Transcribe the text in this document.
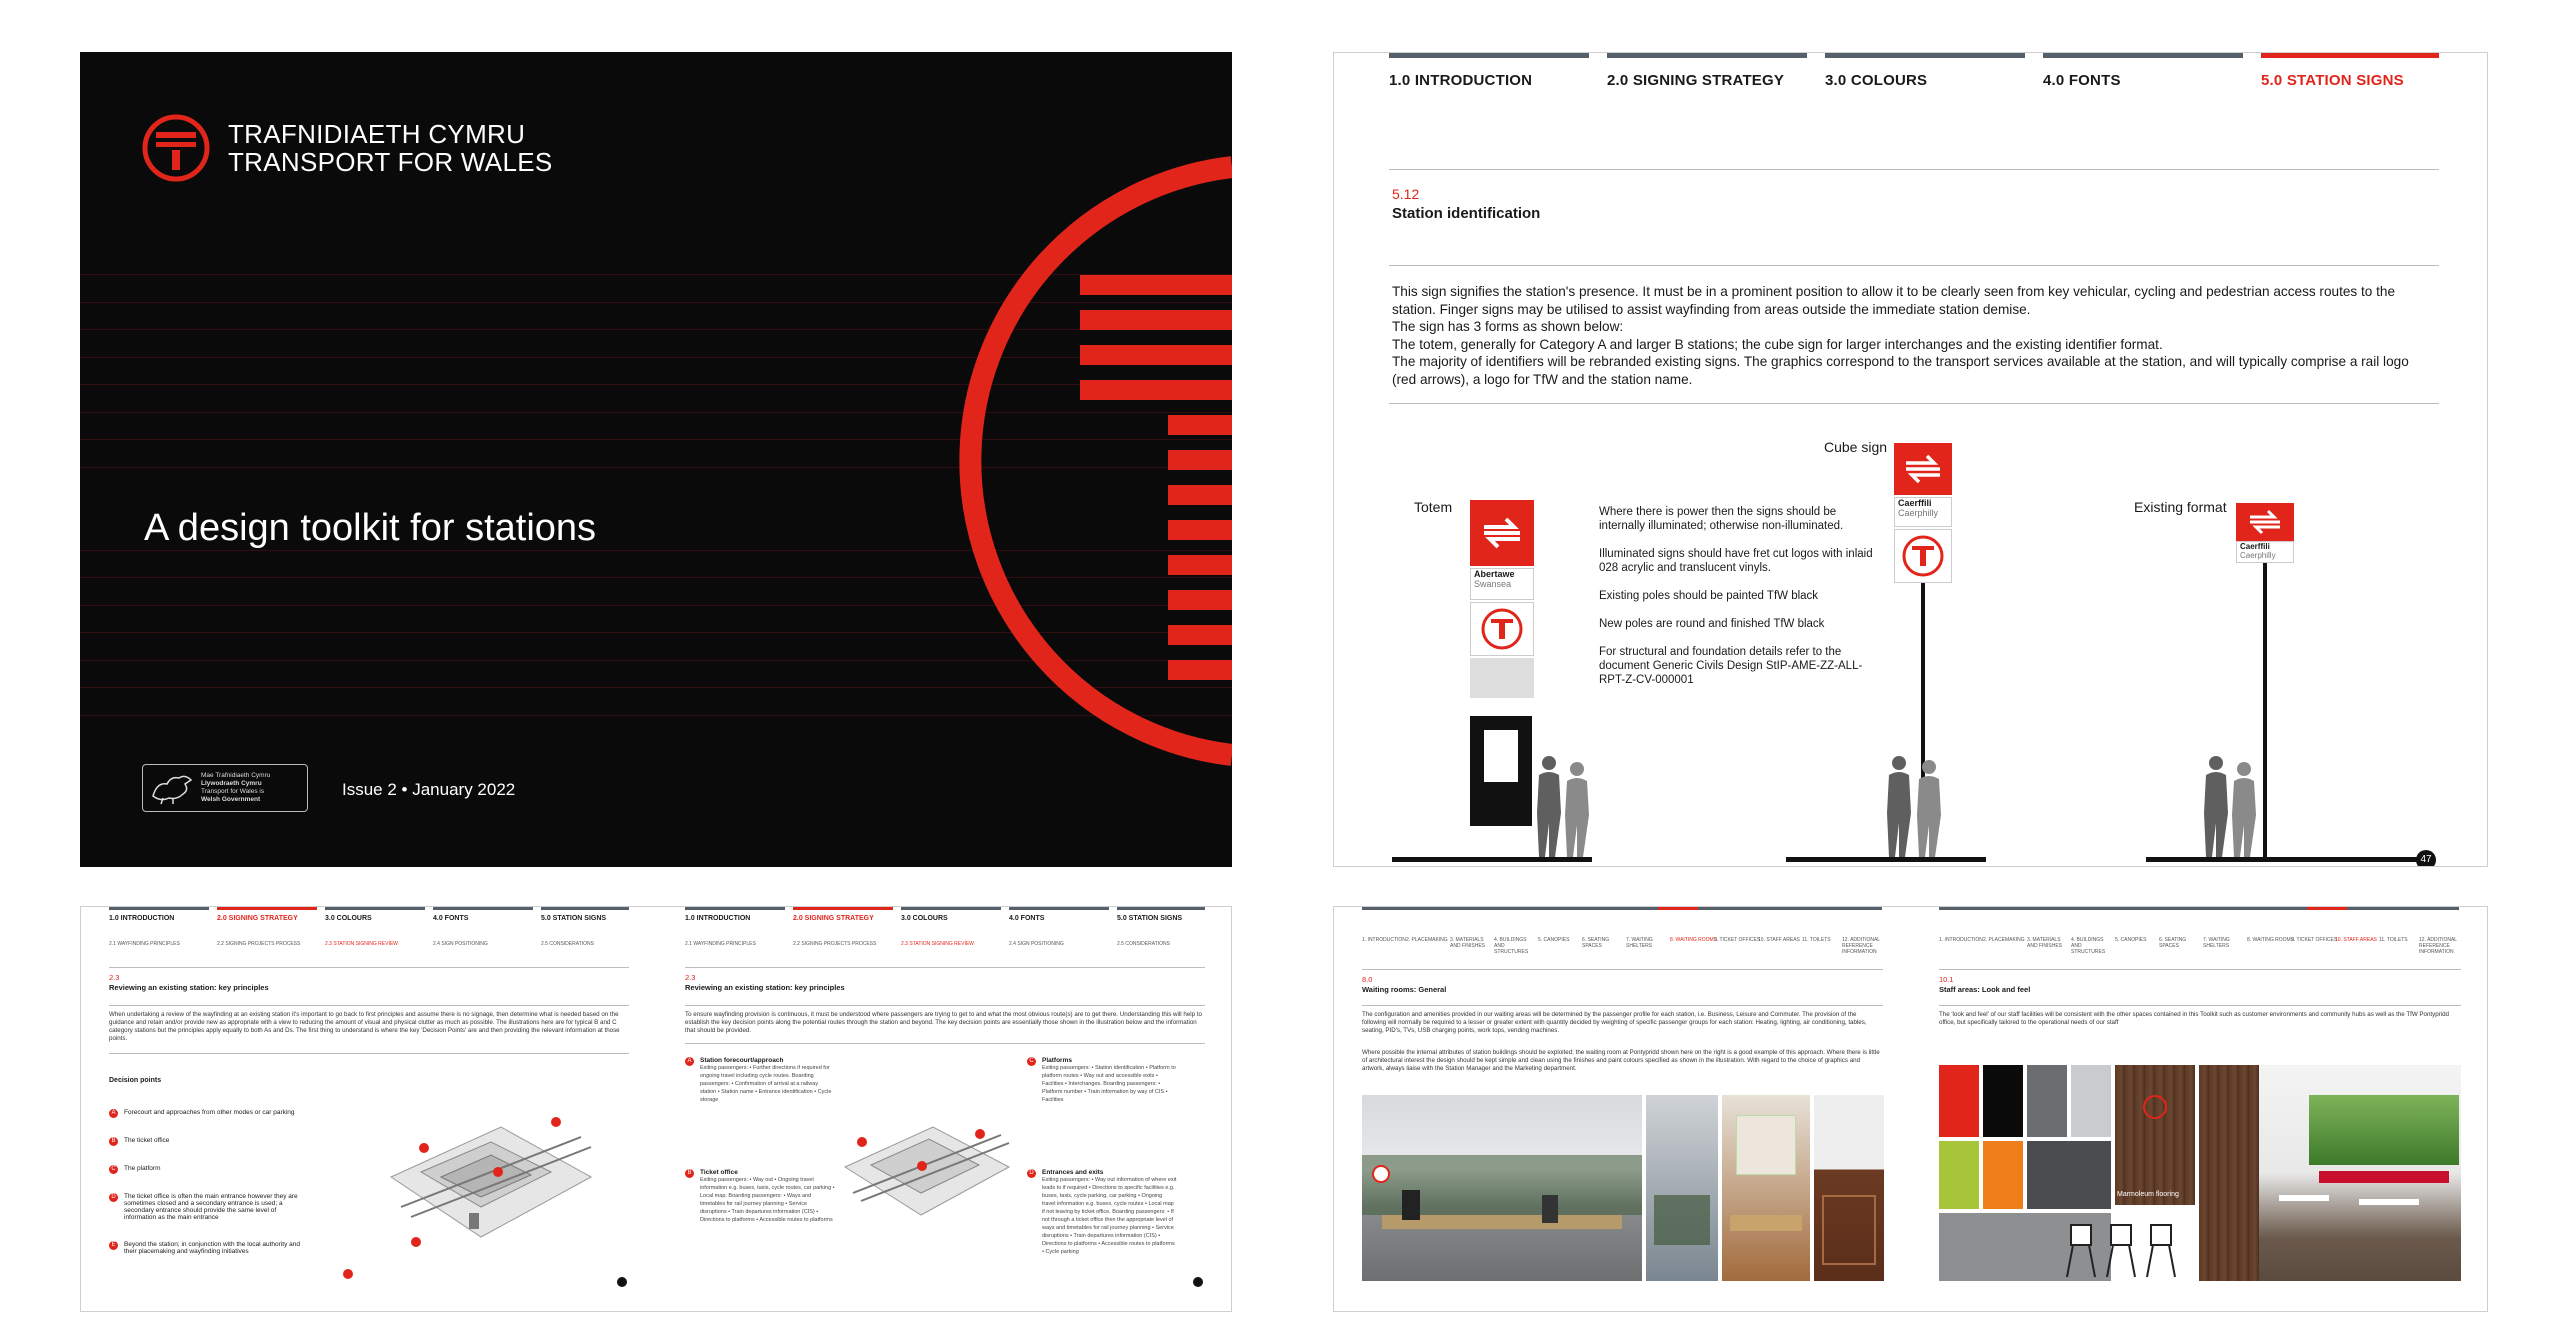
TRAFNIDIAETH CYMRU
TRANSPORT FOR WALES
A design toolkit for stations
Mae Trafnidiaeth Cymru
Llywodraeth Cymru
Transport for Wales is
Welsh Government
Issue 2 • January 2022
1.0 INTRODUCTION	2.0 SIGNING STRATEGY	3.0 COLOURS	4.0 FONTS	5.0 STATION SIGNS
5.12
Station identification

This sign signifies the station's presence. It must be in a prominent position to allow it to be clearly seen from key vehicular, cycling and pedestrian access routes to the station. Finger signs may be utilised to assist wayfinding from areas outside the immediate station demise.

The sign has 3 forms as shown below:

The totem, generally for Category A and larger B stations; the cube sign for larger interchanges and the existing identifier format.

The majority of identifiers will be rebranded existing signs. The graphics correspond to the transport services available at the station, and will typically comprise a rail logo (red arrows), a logo for TfW and the station name.

Totem
Abertawe
Swansea

Where there is power then the signs should be internally illuminated; otherwise non-illuminated.

Illuminated signs should have fret cut logos with inlaid 028 acrylic and translucent vinyls.

Existing poles should be painted TfW black

New poles are round and finished TfW black

For structural and foundation details refer to the document Generic Civils Design StIP-AME-ZZ-ALL-RPT-Z-CV-000001

Cube sign
Caerffili
Caerphilly	Existing format
Caerffili
Caerphilly
47
1.0 INTRODUCTION	2.0 SIGNING STRATEGY	3.0 COLOURS	4.0 FONTS	5.0 STATION SIGNS
2.1 WAYFINDING PRINCIPLES	2.2 SIGNING PROJECTS PROCESS	2.3 STATION SIGNING REVIEW	2.4 SIGN POSITIONING	2.5 CONSIDERATIONS
2.3
Reviewing an existing station: key principles
When undertaking a review of the wayfinding at an existing station it's important to go back to first principles and assume there is no signage, then determine what is needed based on the guidance and retain and/or provide new as appropriate with a view to reducing the amount of visual and physical clutter as much as possible. The illustrations here are for typical B and C category stations but the principles apply equally to both As and Ds. The first thing to understand is where the key 'Decision Points' are and then providing the relevant information at those points.
Decision points
A	Forecourt and approaches from other modes or car parking
B	The ticket office
C	The platform
D	The ticket office is often the main entrance however they are sometimes closed and a secondary entrance is used; a secondary entrance should provide the same level of information as the main entrance
E	Beyond the station; in conjunction with the local authority and their placemaking and wayfinding initiatives
1.0 INTRODUCTION	2.0 SIGNING STRATEGY	3.0 COLOURS	4.0 FONTS	5.0 STATION SIGNS
2.1 WAYFINDING PRINCIPLES	2.2 SIGNING PROJECTS PROCESS	2.3 STATION SIGNING REVIEW	2.4 SIGN POSITIONING	2.5 CONSIDERATIONS
2.3
Reviewing an existing station: key principles
To ensure wayfinding provision is continuous, it must be understood where passengers are trying to get to and what the most obvious route(s) are to get there. Understanding this will help to establish the key decision points along the potential routes through the station and beyond. The key decision points are essentially those shown in the illustration below and the information that should be provided.
A	Station forecourt/approach
Exiting passengers: • Further directions if required for ongoing travel including cycle routes. Boarding passengers: • Confirmation of arrival at a railway station • Station name • Entrance identification • Cycle storage
B	Ticket office
Exiting passengers: • Way out • Ongoing travel information e.g. buses, taxis, cycle routes, car parking • Local map. Boarding passengers: • Ways and timetables for rail journey planning • Service disruptions • Train departures information (CIS) • Directions to platforms • Accessible routes to platforms
C	Platforms
Exiting passengers: • Station identification • Platform to platform routes • Way out and accessible exits • Facilities • Interchanges. Boarding passengers: • Platform number • Train information by way of CIS • Facilities
D	Entrances and exits
Exiting passengers: • Way out information of where exit leads to if required • Directions to specific facilities e.g. buses, taxis, cycle parking, car parking • Ongoing travel information e.g. buses, cycle routes • Local map if not leaving by ticket office. Boarding passengers: • If not through a ticket office then the appropriate level of ways and timetables for rail journey planning • Service disruptions • Train departures information (CIS) • Directions to platforms • Accessible routes to platforms • Cycle parking
1. INTRODUCTION 2. PLACEMAKING 3. MATERIALS AND FINISHES
4. BUILDINGS AND STRUCTURES
5. CANOPIES	6. SEATING SPACES
7. WAITING SHELTERS
8. WAITING ROOMS
9. TICKET OFFICES
10. STAFF AREAS 11. TOILETS 12. ADDITIONAL REFERENCE INFORMATION
8.0
Waiting rooms: General
The configuration and amenities provided in our waiting areas will be determined by the passenger profile for each station, i.e. Business, Leisure and Commuter. The provision of the following will normally be required to a lesser or greater extent with quantity decided by weighting of specific passenger groups for each station: Heating, lighting, air conditioning, tables, seating, PID's, TVs, USB charging points, work tops, vending machines.
Where possible the internal attributes of station buildings should be exploited; the waiting room at Pontypridd shown here on the right is a good example of this approach. Where there is little of architectural interest the design should be kept simple and clean using the finishes and paint colours specified as shown in the illustration. With regard to the choice of graphics and artwork, always liaise with the Station Manager and the Marketing department.
1. INTRODUCTION 2. PLACEMAKING 3. MATERIALS AND FINISHES
4. BUILDINGS AND STRUCTURES
5. CANOPIES	6. SEATING SPACES
7. WAITING SHELTERS
8. WAITING ROOMS
9. TICKET OFFICES
10. STAFF AREAS 11. TOILETS 12. ADDITIONAL REFERENCE INFORMATION
10.1
Staff areas: Look and feel
The 'look and feel' of our staff facilities will be consistent with the other spaces contained in this Toolkit such as customer environments and community hubs as well as the TfW Pontypridd office, but specifically tailored to the operational needs of our staff
Marmoleum flooring
